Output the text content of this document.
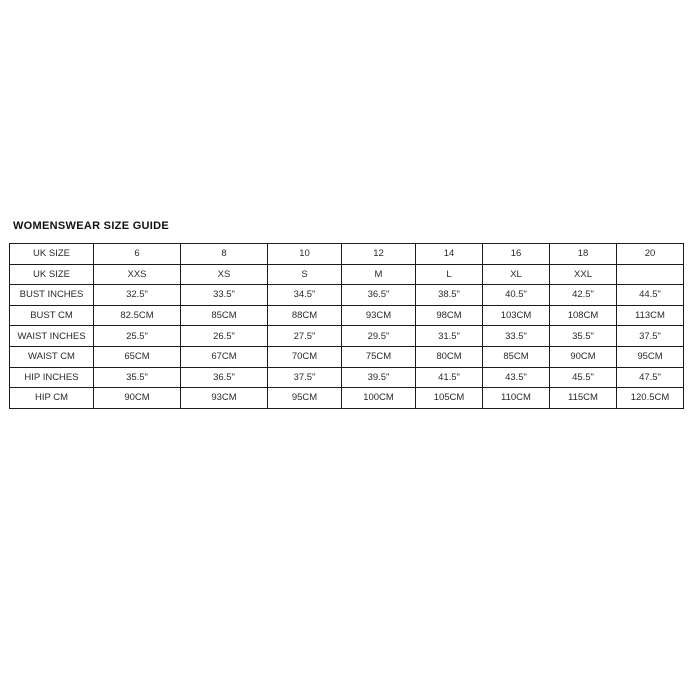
WOMENSWEAR SIZE GUIDE
UK SIZE	6	8	10	12	14	16	18	20
UK SIZE	XXS	XS	S	M	L	XL	XXL	
BUST INCHES	32.5"	33.5"	34.5"	36.5"	38.5"	40.5"	42.5"	44.5"
BUST CM	82.5CM	85CM	88CM	93CM	98CM	103CM	108CM	113CM
WAIST INCHES	25.5"	26.5"	27.5"	29.5"	31.5"	33.5"	35.5"	37.5"
WAIST CM	65CM	67CM	70CM	75CM	80CM	85CM	90CM	95CM
HIP INCHES	35.5"	36.5"	37.5"	39.5"	41.5"	43.5"	45.5"	47.5"
HIP CM	90CM	93CM	95CM	100CM	105CM	110CM	115CM	120.5CM
